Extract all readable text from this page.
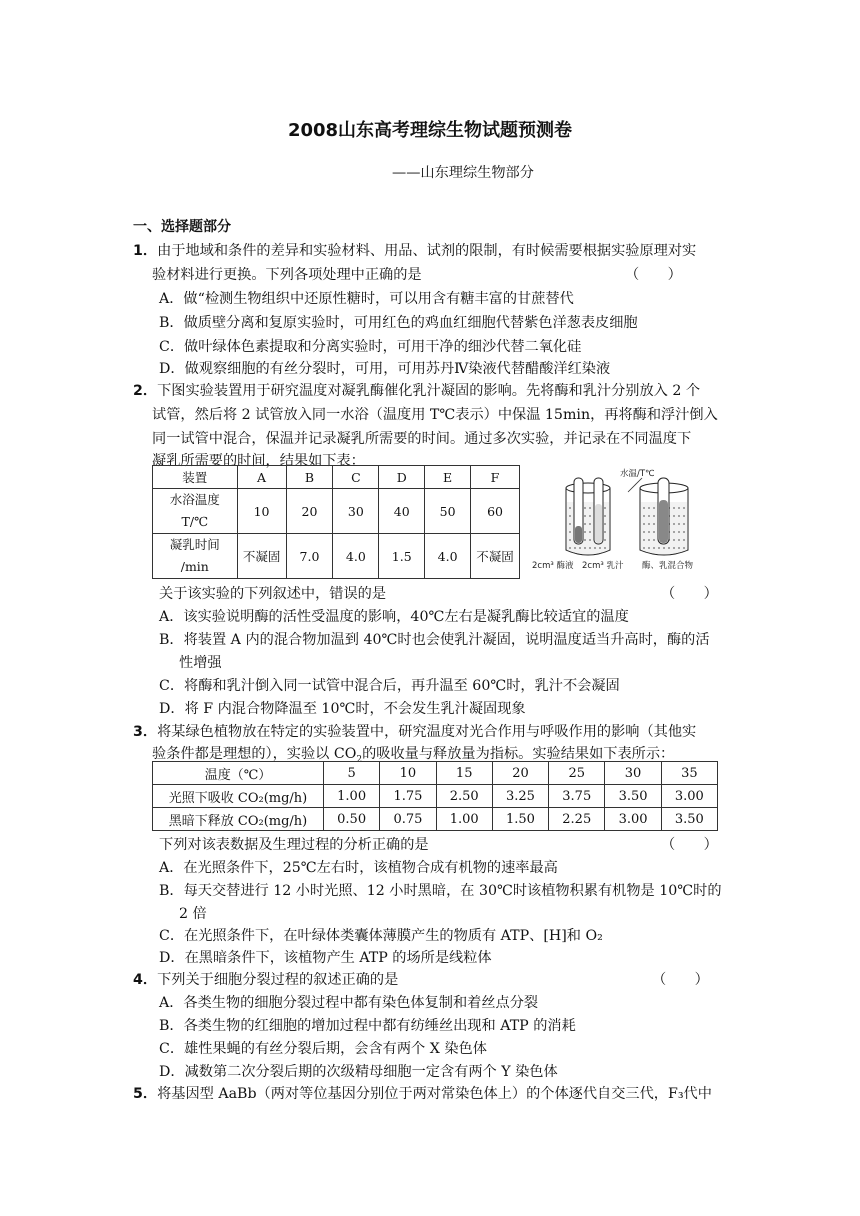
2008山东高考理综生物试题预测卷
——山东理综生物部分
一、选择题部分
1．由于地域和条件的差异和实验材料、用品、试剂的限制，有时候需要根据实验原理对实
验材料进行更换。下列各项处理中正确的是	（　　）
A．做“检测生物组织中还原性糖时，可以用含有糖丰富的甘蔗替代
B．做质壁分离和复原实验时，可用红色的鸡血红细胞代替紫色洋葱表皮细胞
C．做叶绿体色素提取和分离实验时，可用干净的细沙代替二氧化硅
D．做观察细胞的有丝分裂时，可用，可用苏丹Ⅳ染液代替醋酸洋红染液
2．下图实验装置用于研究温度对凝乳酶催化乳汁凝固的影响。先将酶和乳汁分别放入 2 个
试管，然后将 2 试管放入同一水浴（温度用 T℃表示）中保温 15min，再将酶和浮汁倒入
同一试管中混合，保温并记录凝乳所需要的时间。通过多次实验，并记录在不同温度下
凝乳所需要的时间，结果如下表：
装置	A	B	C	D	E	F
水浴温度
T/℃	10	20	30	40	50	60
凝乳时间
/min	不凝固	7.0	4.0	1.5	4.0	不凝固
水温/T℃
2cm³ 酶液 2cm³ 乳汁 酶、乳混合物
关于该实验的下列叙述中，错误的是	（　　）
A．该实验说明酶的活性受温度的影响，40℃左右是凝乳酶比较适宜的温度
B．将装置 A 内的混合物加温到 40℃时也会使乳汁凝固，说明温度适当升高时，酶的活
性增强
C．将酶和乳汁倒入同一试管中混合后，再升温至 60℃时，乳汁不会凝固
D．将 F 内混合物降温至 10℃时，不会发生乳汁凝固现象
3．将某绿色植物放在特定的实验装置中，研究温度对光合作用与呼吸作用的影响（其他实
验条件都是理想的），实验以 $CO_2$的吸收量与释放量为指标。实验结果如下表所示：
温度（℃）	5	10	15	20	25	30	35
光照下吸收 CO₂(mg/h)	1.00	1.75	2.50	3.25	3.75	3.50	3.00
黑暗下释放 CO₂(mg/h)	0.50	0.75	1.00	1.50	2.25	3.00	3.50
下列对该表数据及生理过程的分析正确的是	（　　）
A．在光照条件下，25℃左右时，该植物合成有机物的速率最高
B．每天交替进行 12 小时光照、12 小时黑暗，在 30℃时该植物积累有机物是 10℃时的
2 倍
C．在光照条件下，在叶绿体类囊体薄膜产生的物质有 ATP、[H]和 O₂
D．在黑暗条件下，该植物产生 ATP 的场所是线粒体
4．下列关于细胞分裂过程的叙述正确的是	（　　）
A．各类生物的细胞分裂过程中都有染色体复制和着丝点分裂
B．各类生物的红细胞的增加过程中都有纺缍丝出现和 ATP 的消耗
C．雄性果蝇的有丝分裂后期，会含有两个 X 染色体
D．减数第二次分裂后期的次级精母细胞一定含有两个 Y 染色体
5．将基因型 AaBb（两对等位基因分别位于两对常染色体上）的个体逐代自交三代，F₃代中
